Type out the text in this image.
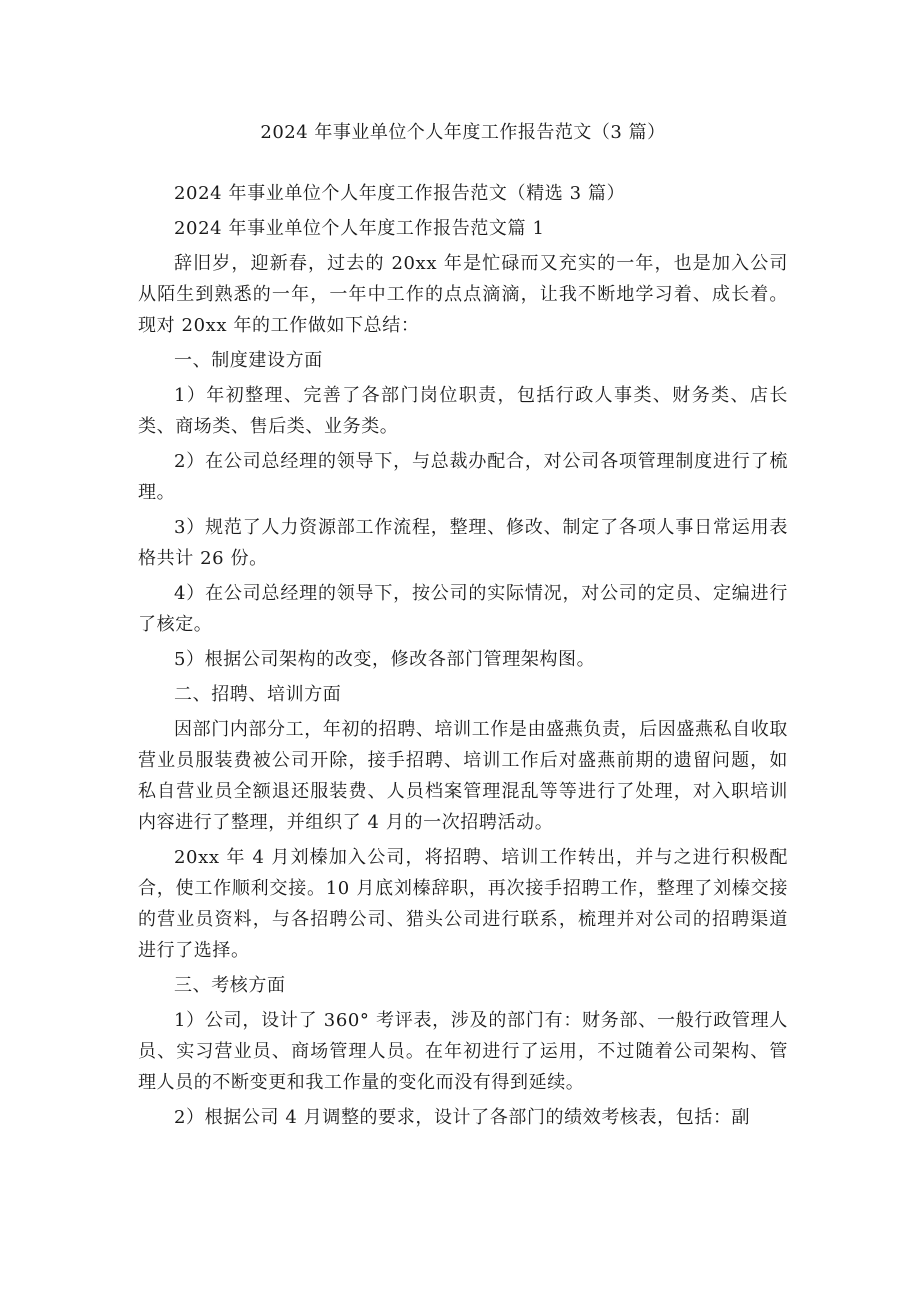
2024 年事业单位个人年度工作报告范文（3 篇）

2024 年事业单位个人年度工作报告范文（精选 3 篇）

2024 年事业单位个人年度工作报告范文篇 1

辞旧岁，迎新春，过去的 20xx 年是忙碌而又充实的一年，也是加入公司从陌生到熟悉的一年，一年中工作的点点滴滴，让我不断地学习着、成长着。现对 20xx 年的工作做如下总结：

一、制度建设方面

1）年初整理、完善了各部门岗位职责，包括行政人事类、财务类、店长类、商场类、售后类、业务类。

2）在公司总经理的领导下，与总裁办配合，对公司各项管理制度进行了梳理。

3）规范了人力资源部工作流程，整理、修改、制定了各项人事日常运用表格共计 26 份。

4）在公司总经理的领导下，按公司的实际情况，对公司的定员、定编进行了核定。

5）根据公司架构的改变，修改各部门管理架构图。

二、招聘、培训方面

因部门内部分工，年初的招聘、培训工作是由盛燕负责，后因盛燕私自收取营业员服装费被公司开除，接手招聘、培训工作后对盛燕前期的遗留问题，如私自营业员全额退还服装费、人员档案管理混乱等等进行了处理，对入职培训内容进行了整理，并组织了 4 月的一次招聘活动。

20xx 年 4 月刘榛加入公司，将招聘、培训工作转出，并与之进行积极配合，使工作顺利交接。10 月底刘榛辞职，再次接手招聘工作，整理了刘榛交接的营业员资料，与各招聘公司、猎头公司进行联系，梳理并对公司的招聘渠道进行了选择。

三、考核方面

1）公司，设计了 360° 考评表，涉及的部门有：财务部、一般行政管理人员、实习营业员、商场管理人员。在年初进行了运用，不过随着公司架构、管理人员的不断变更和我工作量的变化而没有得到延续。

2）根据公司 4 月调整的要求，设计了各部门的绩效考核表，包括：副
